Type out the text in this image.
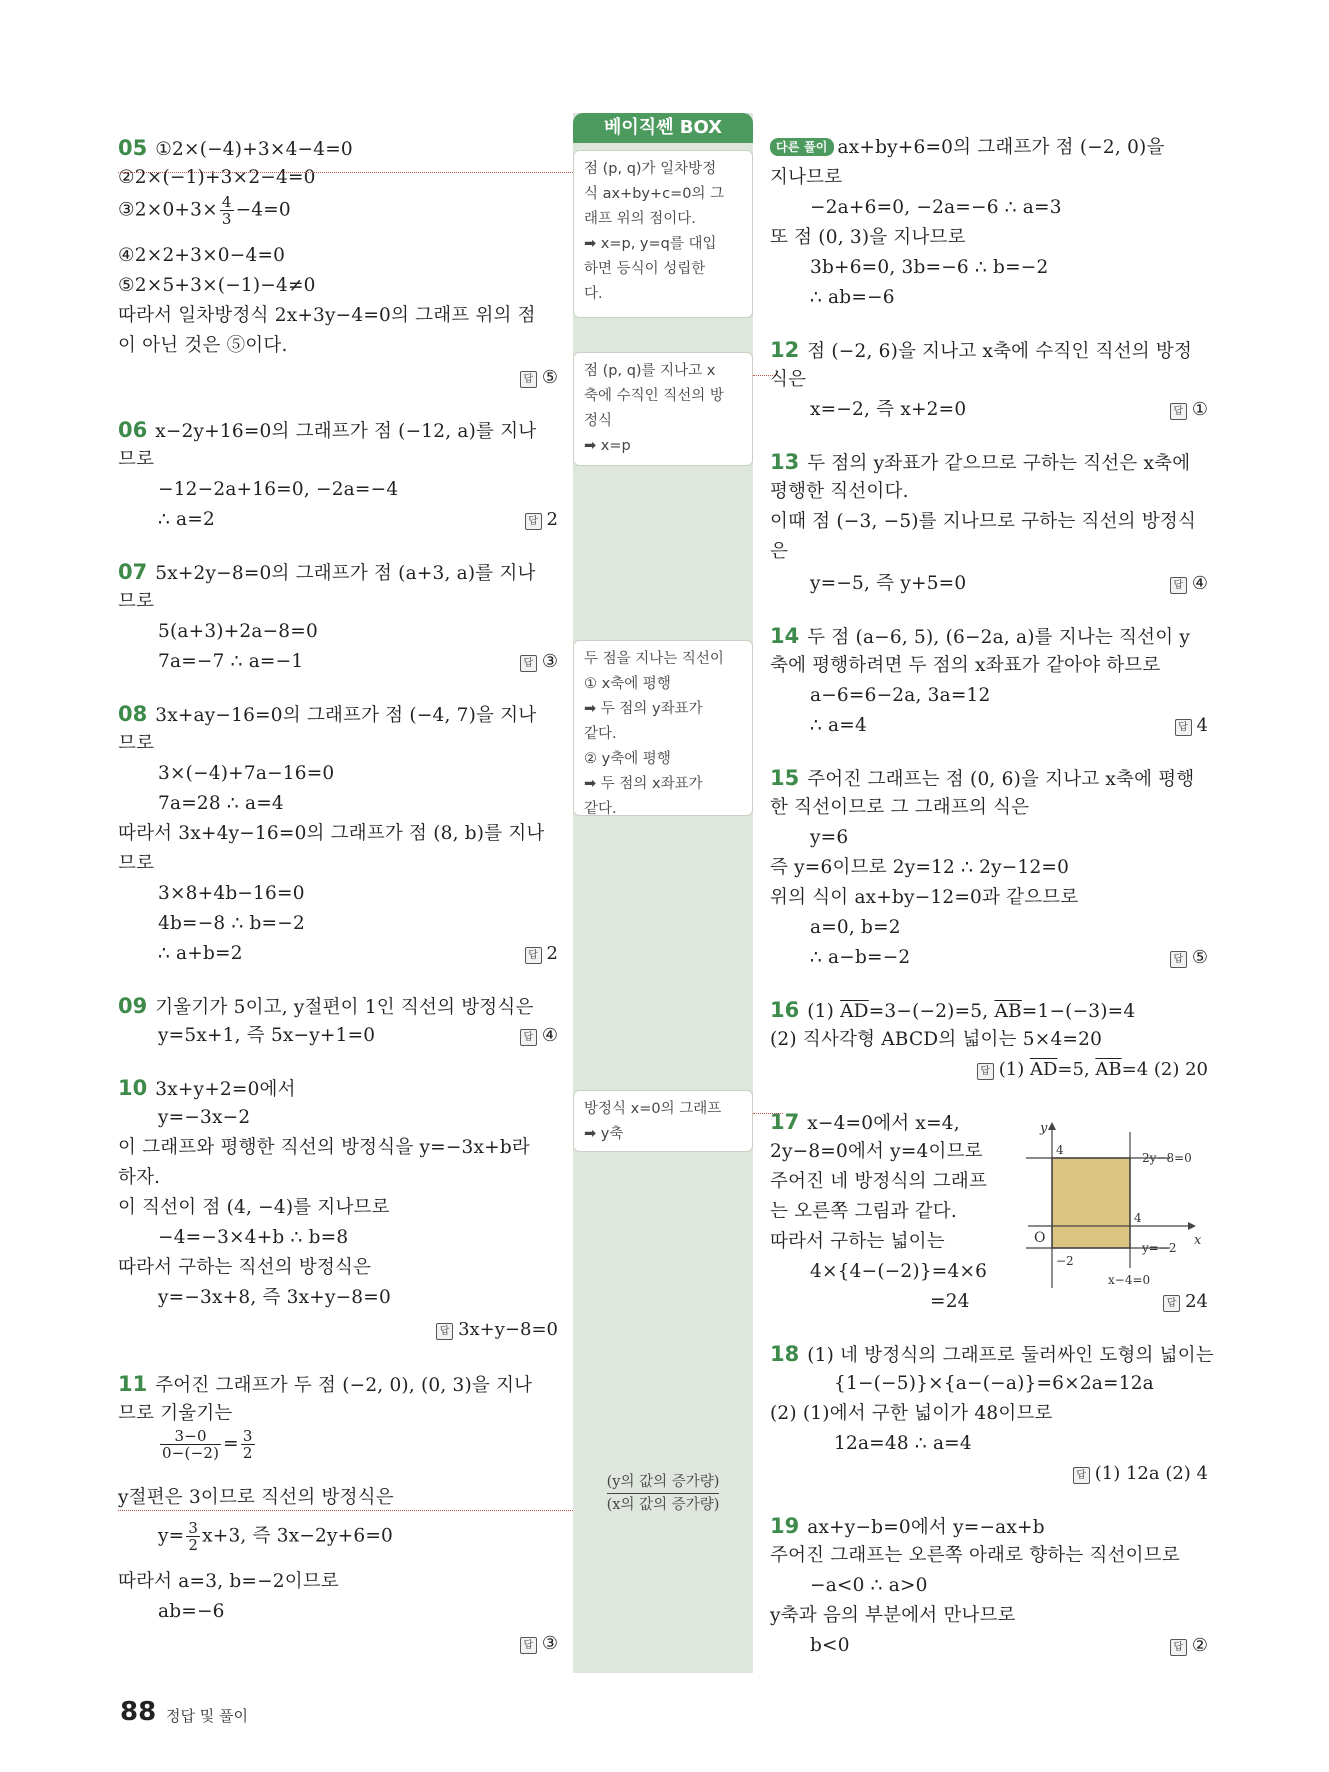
베이직쎈 BOX
05 ①2×(−4)+3×4−4=0
②2×(−1)+3×2−4=0
③2×0+3× $\frac{4}{3} -4=0$
④2×2+3×0−4=0
⑤2×5+3×(−1)−4≠0
따라서 일차방정식 2x+3y−4=0의 그래프 위의 점
이 아닌 것은 ⑤이다.
답 ⑤
06 x−2y+16=0의 그래프가 점 (−12, a)를 지나
므로
−12−2a+16=0, −2a=−4
∴ a=2	답 2
07 5x+2y−8=0의 그래프가 점 (a+3, a)를 지나
므로
5(a+3)+2a−8=0
7a=−7 ∴ a=−1	답 ③
08 3x+ay−16=0의 그래프가 점 (−4, 7)을 지나
므로
3×(−4)+7a−16=0
7a=28 ∴ a=4
따라서 3x+4y−16=0의 그래프가 점 (8, b)를 지나
므로
3×8+4b−16=0
4b=−8 ∴ b=−2
∴ a+b=2	답 2
09 기울기가 5이고, y절편이 1인 직선의 방정식은
y=5x+1, 즉 5x−y+1=0	답 ④
10 3x+y+2=0에서
y=−3x−2
이 그래프와 평행한 직선의 방정식을 y=−3x+b라
하자.
이 직선이 점 (4, −4)를 지나므로
−4=−3×4+b ∴ b=8
따라서 구하는 직선의 방정식은
y=−3x+8, 즉 3x+y−8=0
답 3x+y−8=0
11 주어진 그래프가 두 점 (−2, 0), (0, 3)을 지나
므로 기울기는
$\frac{3-0}{0-(-2)} = \frac{3}{2}$
y절편은 3이므로 직선의 방정식은
$y= \frac{3}{2} x+3$, 즉 3x−2y+6=0
따라서 a=3, b=−2이므로
ab=−6
답 ③
다른 풀이 ax+by+6=0의 그래프가 점 (−2, 0)을
지나므로
−2a+6=0, −2a=−6 ∴ a=3
또 점 (0, 3)을 지나므로
3b+6=0, 3b=−6 ∴ b=−2
∴ ab=−6
12 점 (−2, 6)을 지나고 x축에 수직인 직선의 방정
식은
x=−2, 즉 x+2=0	답 ①
13 두 점의 y좌표가 같으므로 구하는 직선은 x축에
평행한 직선이다.
이때 점 (−3, −5)를 지나므로 구하는 직선의 방정식
은
y=−5, 즉 y+5=0	답 ④
14 두 점 (a−6, 5), (6−2a, a)를 지나는 직선이 y
축에 평행하려면 두 점의 x좌표가 같아야 하므로
a−6=6−2a, 3a=12
∴ a=4	답 4
15 주어진 그래프는 점 (0, 6)을 지나고 x축에 평행
한 직선이므로 그 그래프의 식은
y=6
즉 y=6이므로 2y=12 ∴ 2y−12=0
위의 식이 ax+by−12=0과 같으므로
a=0, b=2
∴ a−b=−2	답 ⑤
16 (1) $\overline{AD}=3-(-2)=5$, $\overline{AB}=1-(-3)=4$
(2) 직사각형 ABCD의 넓이는 5×4=20
답 (1) $\overline{AD}=5$, $\overline{AB}=4$ (2) 20
17 x−4=0에서 x=4,
2y−8=0에서 y=4이므로
주어진 네 방정식의 그래프
는 오른쪽 그림과 같다.
따라서 구하는 넓이는
4×{4−(−2)}=4×6
=24	답 24
18 (1) 네 방정식의 그래프로 둘러싸인 도형의 넓이는
{1−(−5)}×{a−(−a)}=6×2a=12a
(2) (1)에서 구한 넓이가 48이므로
12a=48 ∴ a=4
답 (1) 12a (2) 4
19 ax+y−b=0에서 y=−ax+b
주어진 그래프는 오른쪽 아래로 향하는 직선이므로
−a<0 ∴ a>0
y축과 음의 부분에서 만나므로
b<0	답 ②
y
x
O
4
4
−2
2y−8=0
y=−2
x−4=0
88 정답 및 풀이
점 (p, q)가 일차방정
식 ax+by+c=0의 그
래프 위의 점이다.
➡ x=p, y=q를 대입
하면 등식이 성립한
다.
점 (p, q)를 지나고 x
축에 수직인 직선의 방
정식
➡ x=p
두 점을 지나는 직선이
① x축에 평행
➡ 두 점의 y좌표가
같다.
② y축에 평행
➡ 두 점의 x좌표가
같다.
방정식 x=0의 그래프
➡ y축
(y의 값의 증가량)

(x의 값의 증가량)
